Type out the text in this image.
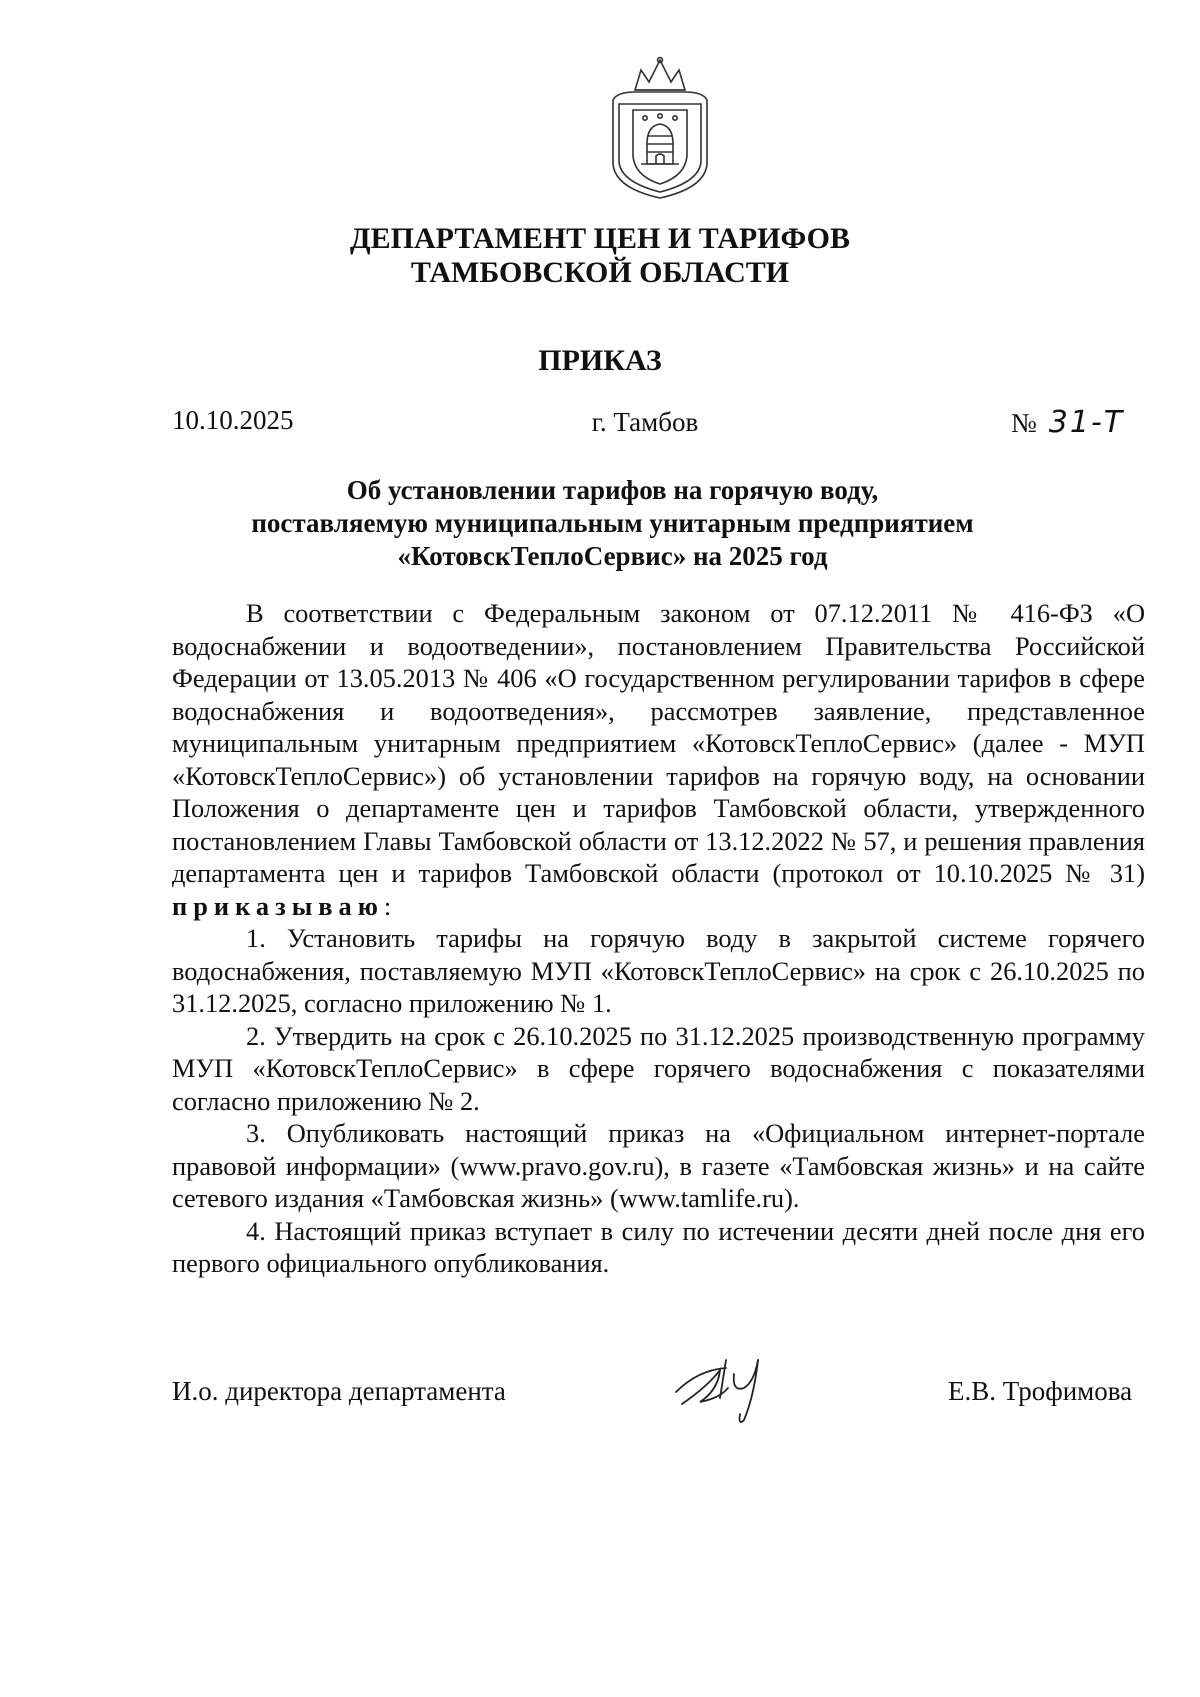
ДЕПАРТАМЕНТ ЦЕН И ТАРИФОВ
ТАМБОВСКОЙ ОБЛАСТИ
ПРИКАЗ
10.10.2025	г. Тамбов	№ 31-Т
Об установлении тарифов на горячую воду,
поставляемую муниципальным унитарным предприятием
«КотовскТеплоСервис» на 2025 год

В соответствии с Федеральным законом от 07.12.2011 № 416-ФЗ «О водоснабжении и водоотведении», постановлением Правительства Российской Федерации от 13.05.2013 № 406 «О государственном регулировании тарифов в сфере водоснабжения и водоотведения», рассмотрев заявление, представленное муниципальным унитарным предприятием «КотовскТеплоСервис» (далее - МУП «КотовскТеплоСервис») об установлении тарифов на горячую воду, на основании Положения о департаменте цен и тарифов Тамбовской области, утвержденного постановлением Главы Тамбовской области от 13.12.2022 № 57, и решения правления департамента цен и тарифов Тамбовской области (протокол от 10.10.2025 № 31) приказываю:

1. Установить тарифы на горячую воду в закрытой системе горячего водоснабжения, поставляемую МУП «КотовскТеплоСервис» на срок с 26.10.2025 по 31.12.2025, согласно приложению № 1.

2. Утвердить на срок с 26.10.2025 по 31.12.2025 производственную программу МУП «КотовскТеплоСервис» в сфере горячего водоснабжения с показателями согласно приложению № 2.

3. Опубликовать настоящий приказ на «Официальном интернет-портале правовой информации» (www.pravo.gov.ru), в газете «Тамбовская жизнь» и на сайте сетевого издания «Тамбовская жизнь» (www.tamlife.ru).

4. Настоящий приказ вступает в силу по истечении десяти дней после дня его первого официального опубликования.

И.о. директора департамента	Е.В. Трофимова
